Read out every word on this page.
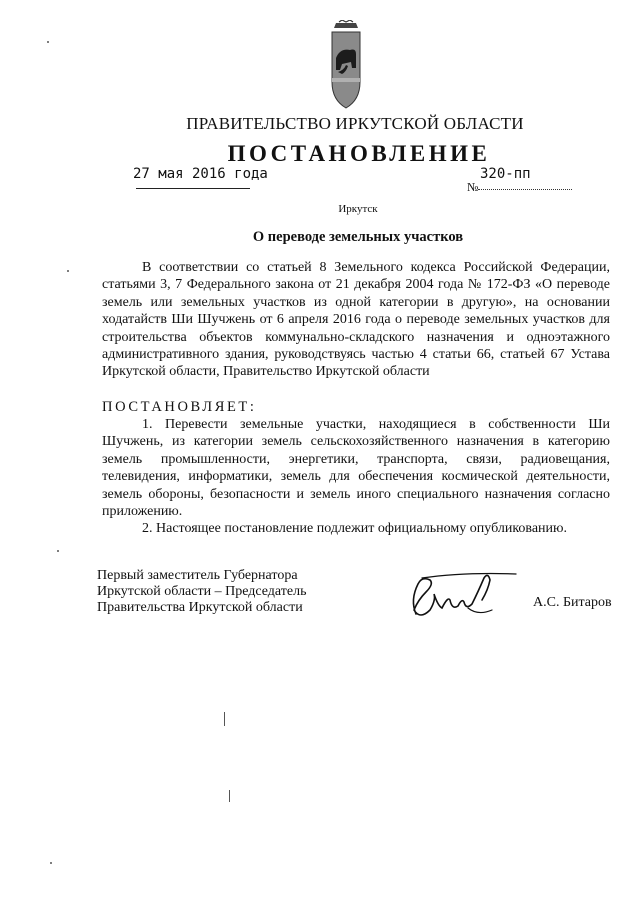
ПРАВИТЕЛЬСТВО ИРКУТСКОЙ ОБЛАСТИ
ПОСТАНОВЛЕНИЕ
27 мая 2016 года
№
320-пп
Иркутск
О переводе земельных участков
В соответствии со статьей 8 Земельного кодекса Российской Федерации, статьями 3, 7 Федерального закона от 21 декабря 2004 года № 172-ФЗ «О переводе земель или земельных участков из одной категории в другую», на основании ходатайств Ши Шучжень от 6 апреля 2016 года о переводе земельных участков для строительства объектов коммунально-складского назначения и одноэтажного административного здания, руководствуясь частью 4 статьи 66, статьей 67 Устава Иркутской области, Правительство Иркутской области
ПОСТАНОВЛЯЕТ:
1. Перевести земельные участки, находящиеся в собственности Ши Шучжень, из категории земель сельскохозяйственного назначения в категорию земель промышленности, энергетики, транспорта, связи, радиовещания, телевидения, информатики, земель для обеспечения космической деятельности, земель обороны, безопасности и земель иного специального назначения согласно приложению.
2. Настоящее постановление подлежит официальному опубликованию.
Первый заместитель Губернатора
Иркутской области – Председатель
Правительства Иркутской области	А.С. Битаров
